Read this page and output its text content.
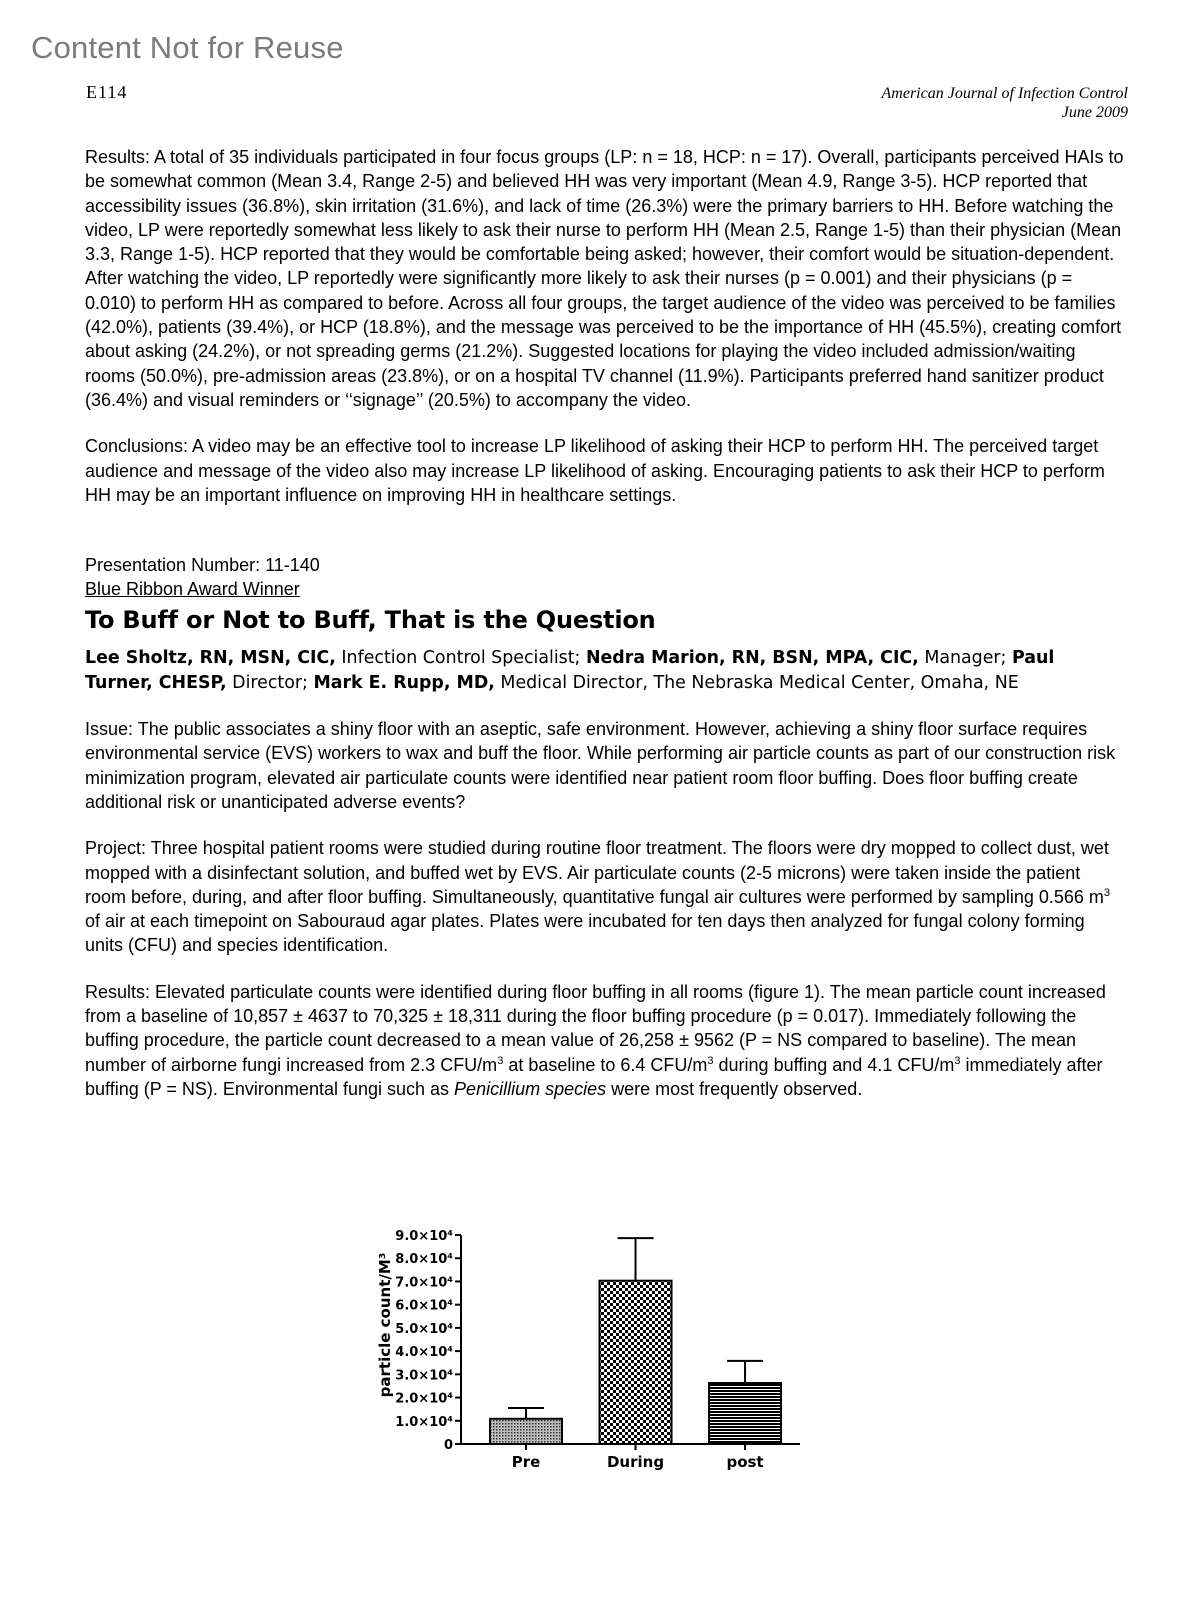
Content Not for Reuse
E114	American Journal of Infection Control
June 2009

Results: A total of 35 individuals participated in four focus groups (LP: n = 18, HCP: n = 17). Overall, participants perceived HAIs to be somewhat common (Mean 3.4, Range 2-5) and believed HH was very important (Mean 4.9, Range 3-5). HCP reported that accessibility issues (36.8%), skin irritation (31.6%), and lack of time (26.3%) were the primary barriers to HH. Before watching the video, LP were reportedly somewhat less likely to ask their nurse to perform HH (Mean 2.5, Range 1-5) than their physician (Mean 3.3, Range 1-5). HCP reported that they would be comfortable being asked; however, their comfort would be situation-dependent. After watching the video, LP reportedly were significantly more likely to ask their nurses (p = 0.001) and their physicians (p = 0.010) to perform HH as compared to before. Across all four groups, the target audience of the video was perceived to be families (42.0%), patients (39.4%), or HCP (18.8%), and the message was perceived to be the importance of HH (45.5%), creating comfort about asking (24.2%), or not spreading germs (21.2%). Suggested locations for playing the video included admission/waiting rooms (50.0%), pre-admission areas (23.8%), or on a hospital TV channel (11.9%). Participants preferred hand sanitizer product (36.4%) and visual reminders or ‘‘signage’’ (20.5%) to accompany the video.

Conclusions: A video may be an effective tool to increase LP likelihood of asking their HCP to perform HH. The perceived target audience and message of the video also may increase LP likelihood of asking. Encouraging patients to ask their HCP to perform HH may be an important influence on improving HH in healthcare settings.

Presentation Number: 11-140

Blue Ribbon Award Winner

To Buff or Not to Buff, That is the Question

Lee Sholtz, RN, MSN, CIC, Infection Control Specialist; Nedra Marion, RN, BSN, MPA, CIC, Manager; Paul Turner, CHESP, Director; Mark E. Rupp, MD, Medical Director, The Nebraska Medical Center, Omaha, NE

Issue: The public associates a shiny floor with an aseptic, safe environment. However, achieving a shiny floor surface requires environmental service (EVS) workers to wax and buff the floor. While performing air particle counts as part of our construction risk minimization program, elevated air particulate counts were identified near patient room floor buffing. Does floor buffing create additional risk or unanticipated adverse events?

Project: Three hospital patient rooms were studied during routine floor treatment. The floors were dry mopped to collect dust, wet mopped with a disinfectant solution, and buffed wet by EVS. Air particulate counts (2-5 microns) were taken inside the patient room before, during, and after floor buffing. Simultaneously, quantitative fungal air cultures were performed by sampling 0.566 $m^3$ of air at each timepoint on Sabouraud agar plates. Plates were incubated for ten days then analyzed for fungal colony forming units (CFU) and species identification.

Results: Elevated particulate counts were identified during floor buffing in all rooms (figure 1). The mean particle count increased from a baseline of 10,857 ± 4637 to 70,325 ± 18,311 during the floor buffing procedure (p = 0.017). Immediately following the buffing procedure, the particle count decreased to a mean value of 26,258 ± 9562 (P = NS compared to baseline). The mean number of airborne fungi increased from 2.3 CFU/$m^3$ at baseline to 6.4 CFU/$m^3$ during buffing and 4.1 CFU/$m^3$ immediately after buffing (P = NS). Environmental fungi such as Penicillium species were most frequently observed.

particle count/M³
0
1.0×10⁴
2.0×10⁴
3.0×10⁴
4.0×10⁴
5.0×10⁴
6.0×10⁴
7.0×10⁴
8.0×10⁴
9.0×10⁴
Pre	During	post
